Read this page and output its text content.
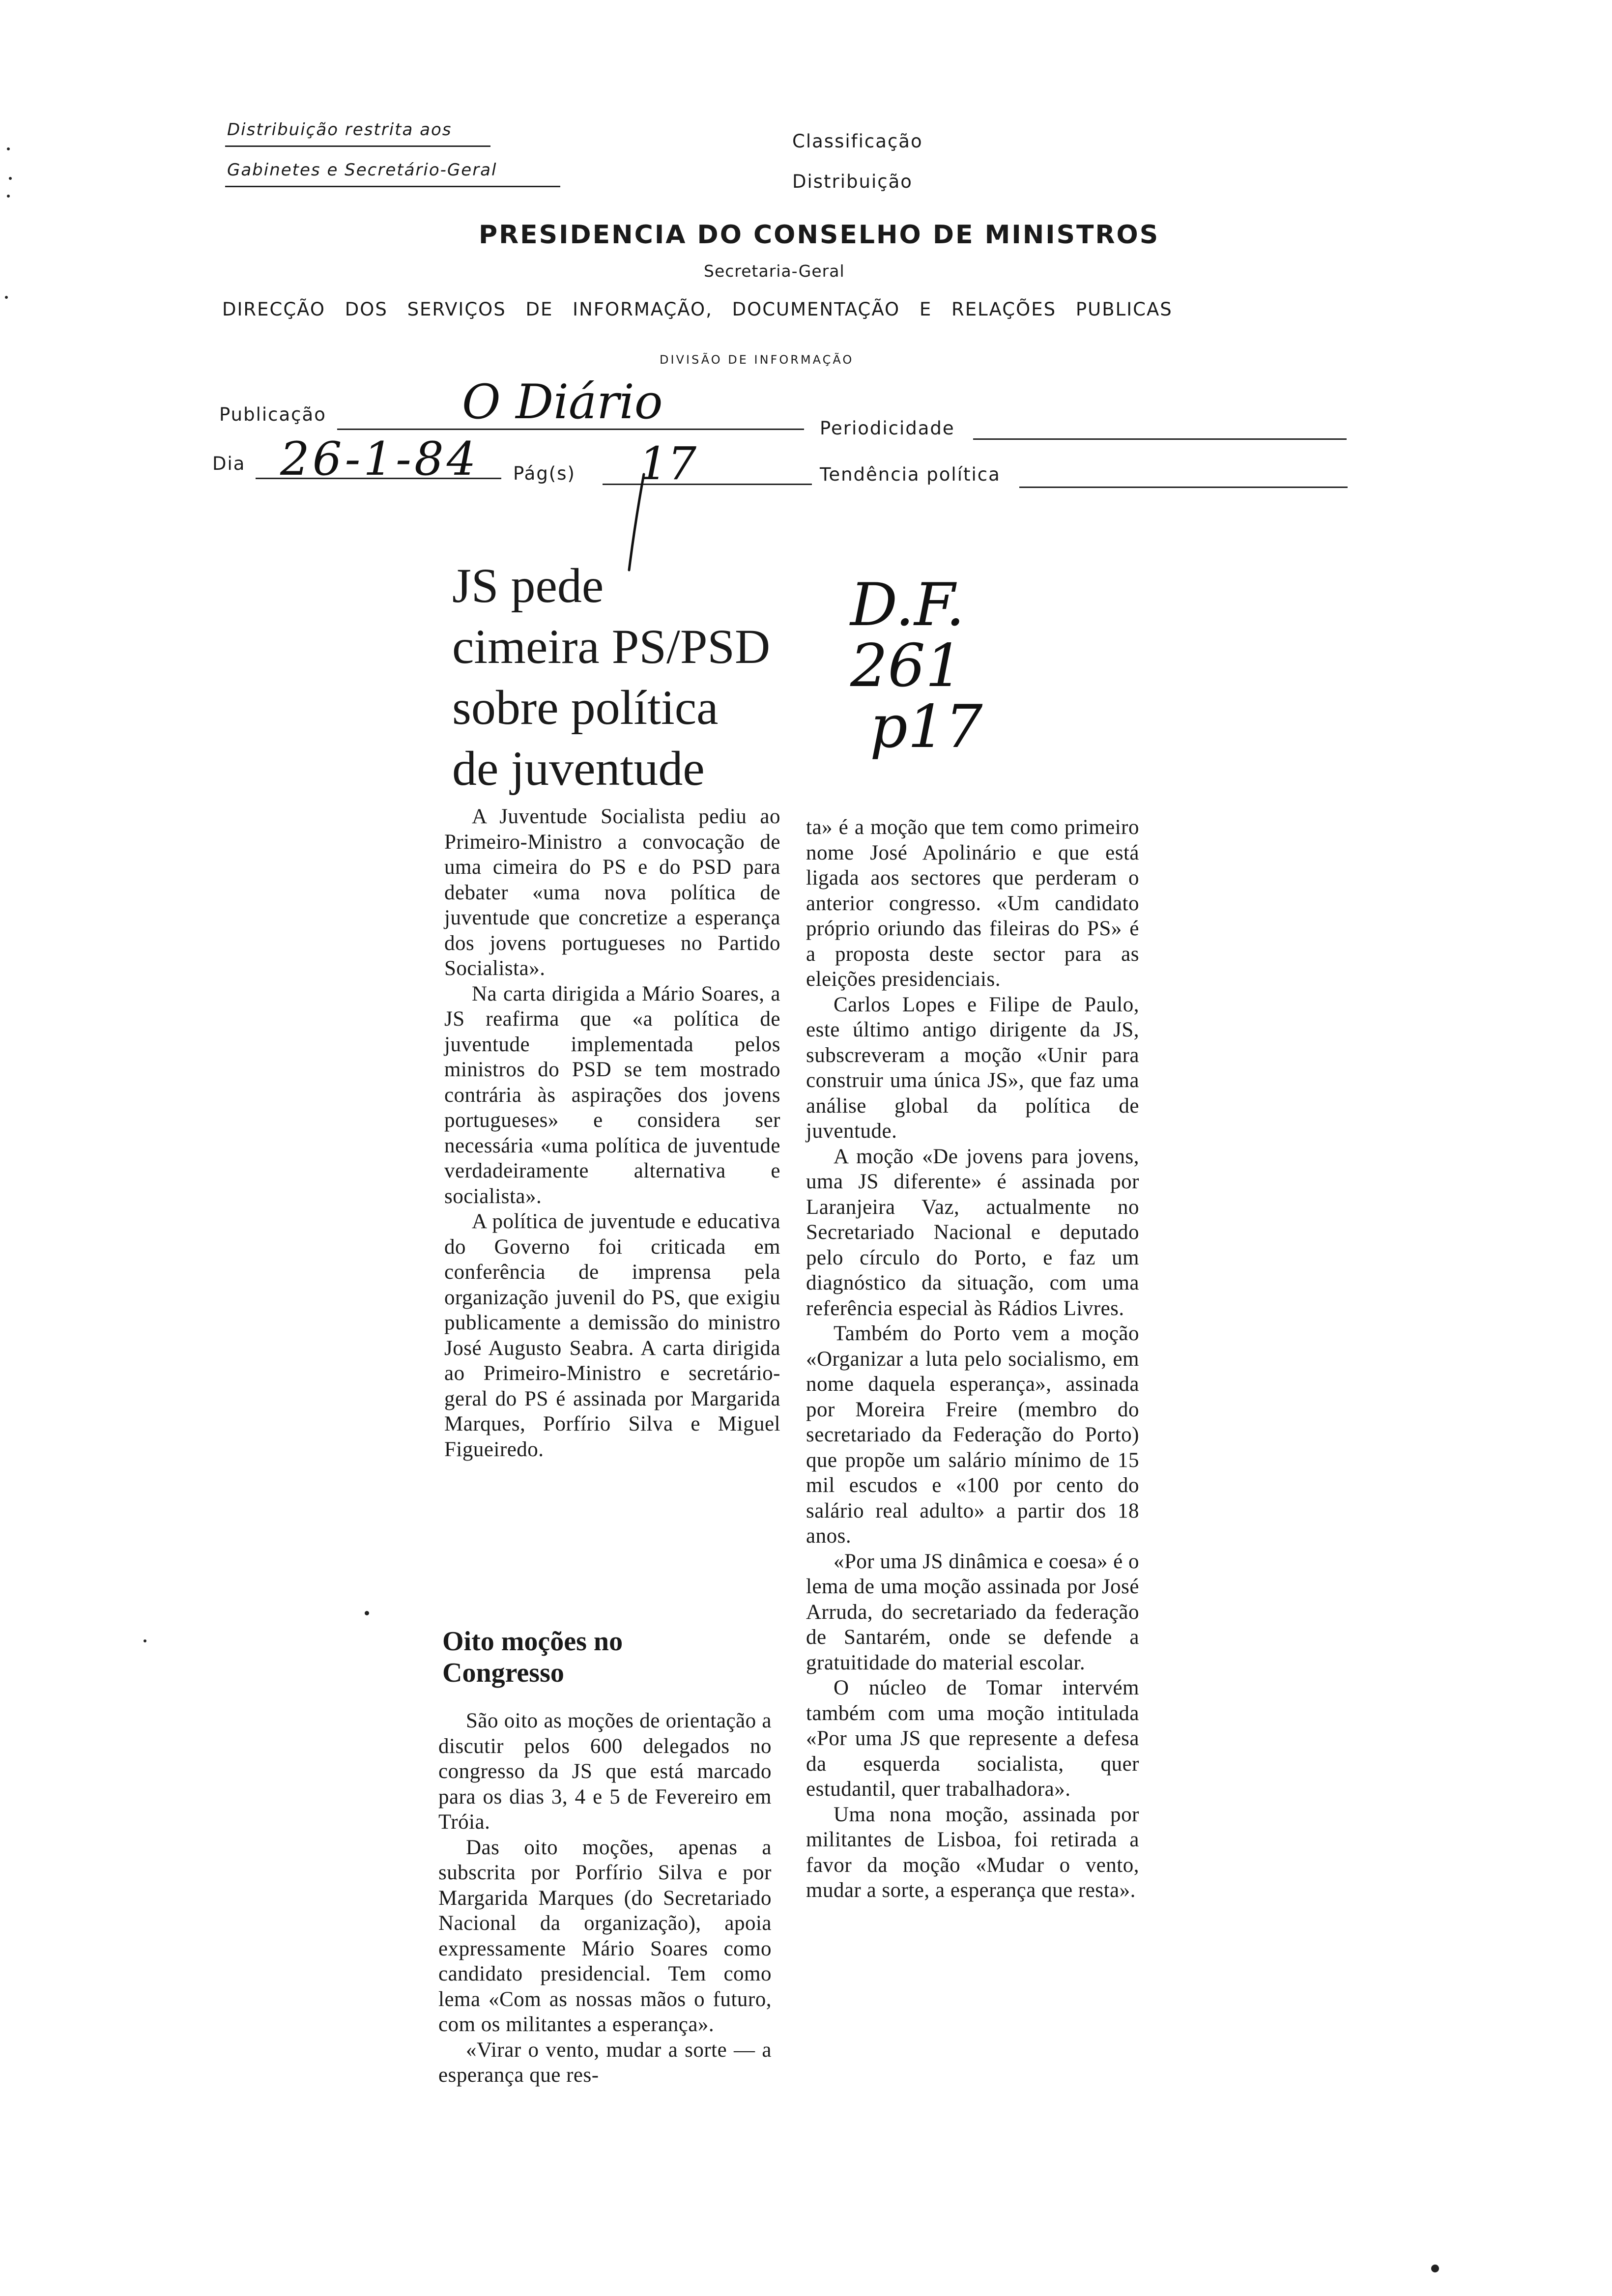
Distribuição restrita aos
Gabinetes e Secretário-Geral
Classificação
Distribuição
PRESIDENCIA DO CONSELHO DE MINISTROS
Secretaria-Geral
DIRECÇÃO DOS SERVIÇOS DE INFORMAÇÃO, DOCUMENTAÇÃO E RELAÇÕES PUBLICAS
DIVISÃO DE INFORMAÇÃO
Publicação	O Diário	Periodicidade
Dia 26-1-84 Pág(s) 17	Tendência política
JS pede
cimeira PS/PSD
sobre política
de juventude
D.F.
261
p17

A Juventude Socialista pediu ao Primeiro-Ministro a convocação de uma cimeira do PS e do PSD para debater «uma nova política de juventude que concretize a esperança dos jovens portugueses no Partido Socialista».

Na carta dirigida a Mário Soares, a JS reafirma que «a política de juventude implementada pelos ministros do PSD se tem mostrado contrária às aspirações dos jovens portugueses» e considera ser necessária «uma política de juventude verdadeiramente alternativa e socialista».

A política de juventude e educativa do Governo foi criticada em conferência de imprensa pela organização juvenil do PS, que exigiu publicamente a demissão do ministro José Augusto Seabra. A carta dirigida ao Primeiro-Ministro e secretário-geral do PS é assinada por Margarida Marques, Porfírio Silva e Miguel Figueiredo.

Oito moções no Congresso

São oito as moções de orientação a discutir pelos 600 delegados no congresso da JS que está marcado para os dias 3, 4 e 5 de Fevereiro em Tróia.

Das oito moções, apenas a subscrita por Porfírio Silva e por Margarida Marques (do Secretariado Nacional da organização), apoia expressamente Mário Soares como candidato presidencial. Tem como lema «Com as nossas mãos o futuro, com os militantes a esperança».

«Virar o vento, mudar a sorte — a esperança que res-

ta» é a moção que tem como primeiro nome José Apolinário e que está ligada aos sectores que perderam o anterior congresso. «Um candidato próprio oriundo das fileiras do PS» é a proposta deste sector para as eleições presidenciais.

Carlos Lopes e Filipe de Paulo, este último antigo dirigente da JS, subscreveram a moção «Unir para construir uma única JS», que faz uma análise global da política de juventude.

A moção «De jovens para jovens, uma JS diferente» é assinada por Laranjeira Vaz, actualmente no Secretariado Nacional e deputado pelo círculo do Porto, e faz um diagnóstico da situação, com uma referência especial às Rádios Livres.

Também do Porto vem a moção «Organizar a luta pelo socialismo, em nome daquela esperança», assinada por Moreira Freire (membro do secretariado da Federação do Porto) que propõe um salário mínimo de 15 mil escudos e «100 por cento do salário real adulto» a partir dos 18 anos.

«Por uma JS dinâmica e coesa» é o lema de uma moção assinada por José Arruda, do secretariado da federação de Santarém, onde se defende a gratuitidade do material escolar.

O núcleo de Tomar intervém também com uma moção intitulada «Por uma JS que represente a defesa da esquerda socialista, quer estudantil, quer trabalhadora».

Uma nona moção, assinada por militantes de Lisboa, foi retirada a favor da moção «Mudar o vento, mudar a sorte, a esperança que resta».
